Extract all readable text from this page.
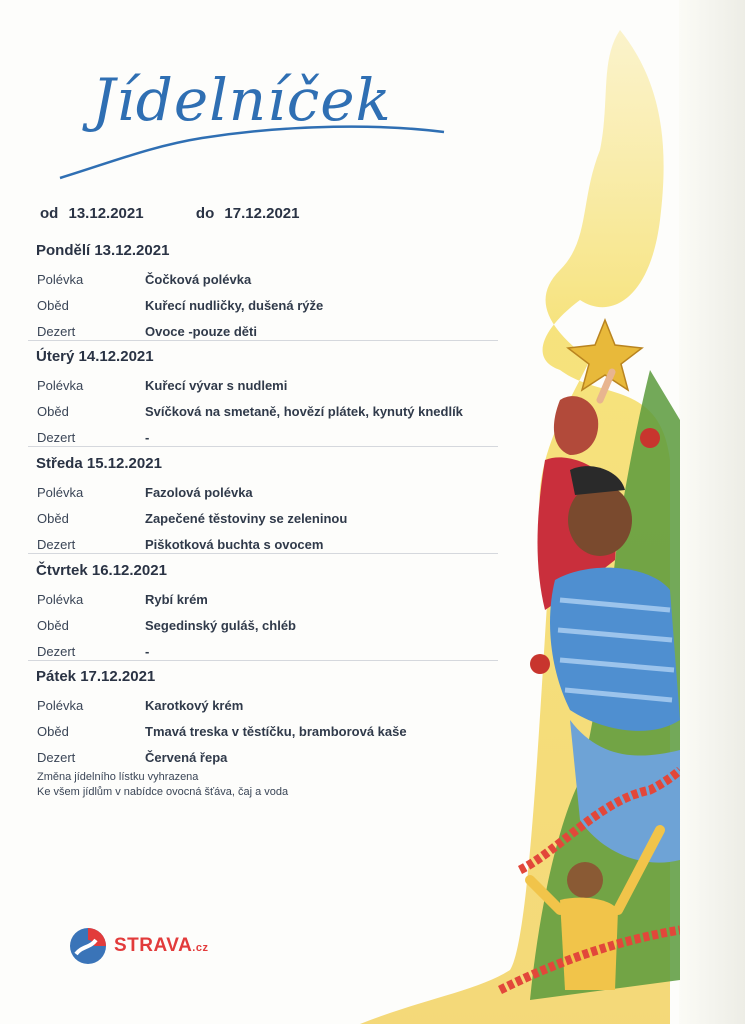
Jídelníček
od 13.12.2021	do 17.12.2021
Pondělí 13.12.2021
Polévka	Čočková polévka
Oběd	Kuřecí nudličky, dušená rýže
Dezert	Ovoce -pouze děti
Úterý 14.12.2021
Polévka	Kuřecí vývar s nudlemi
Oběd	Svíčková na smetaně, hovězí plátek, kynutý knedlík
Dezert	-
Středa 15.12.2021
Polévka	Fazolová polévka
Oběd	Zapečené těstoviny se zeleninou
Dezert	Piškotková buchta s ovocem
Čtvrtek 16.12.2021
Polévka	Rybí krém
Oběd	Segedinský guláš, chléb
Dezert	-
Pátek 17.12.2021
Polévka	Karotkový krém
Oběd	Tmavá treska v těstíčku, bramborová kaše
Dezert	Červená řepa
Změna jídelního lístku vyhrazena
Ke všem jídlům v nabídce ovocná šťáva, čaj a voda
STRAVA.cz
